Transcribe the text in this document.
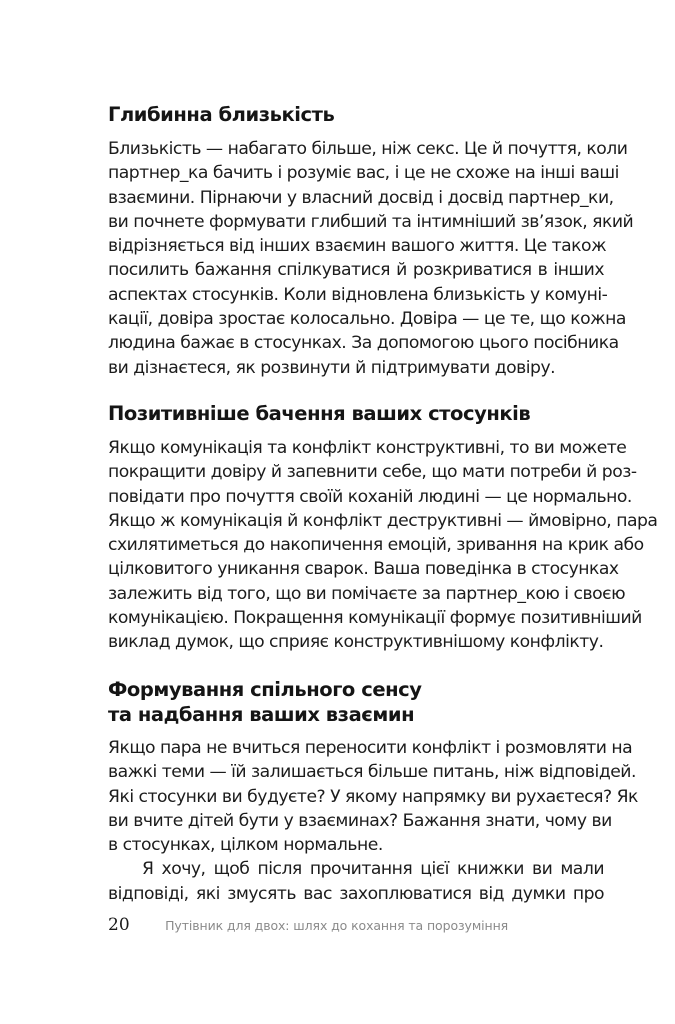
Глибинна близькість
Близькість — набагато більше, ніж секс. Це й почуття, коли
партнер_ка бачить і розуміє вас, і це не схоже на інші ваші
взаємини. Пірнаючи у власний досвід і досвід партнер_ки,
ви почнете формувати глибший та інтимніший зв’язок, який
відрізняється від інших взаємин вашого життя. Це також
посилить бажання спілкуватися й розкриватися в інших
аспектах стосунків. Коли відновлена близькість у комуні-
кації, довіра зростає колосально. Довіра — це те, що кожна
людина бажає в стосунках. За допомогою цього посібника
ви дізнаєтеся, як розвинути й підтримувати довіру.
Позитивніше бачення ваших стосунків
Якщо комунікація та конфлікт конструктивні, то ви можете
покращити довіру й запевнити себе, що мати потреби й роз-
повідати про почуття своїй коханій людині — це нормально.
Якщо ж комунікація й конфлікт деструктивні — ймовірно, пара
схилятиметься до накопичення емоцій, зривання на крик або
цілковитого уникання сварок. Ваша поведінка в стосунках
залежить від того, що ви помічаєте за партнер_кою і своєю
комунікацією. Покращення комунікації формує позитивніший
виклад думок, що сприяє конструктивнішому конфлікту.
Формування спільного сенсу
та надбання ваших взаємин
Якщо пара не вчиться переносити конфлікт і розмовляти на
важкі теми — їй залишається більше питань, ніж відповідей.
Які стосунки ви будуєте? У якому напрямку ви рухаєтеся? Як
ви вчите дітей бути у взаєминах? Бажання знати, чому ви
в стосунках, цілком нормальне.
Я хочу, щоб після прочитання цієї книжки ви мали
відповіді, які змусять вас захоплюватися від думки про
20	Путівник для двох: шлях до кохання та порозуміння
